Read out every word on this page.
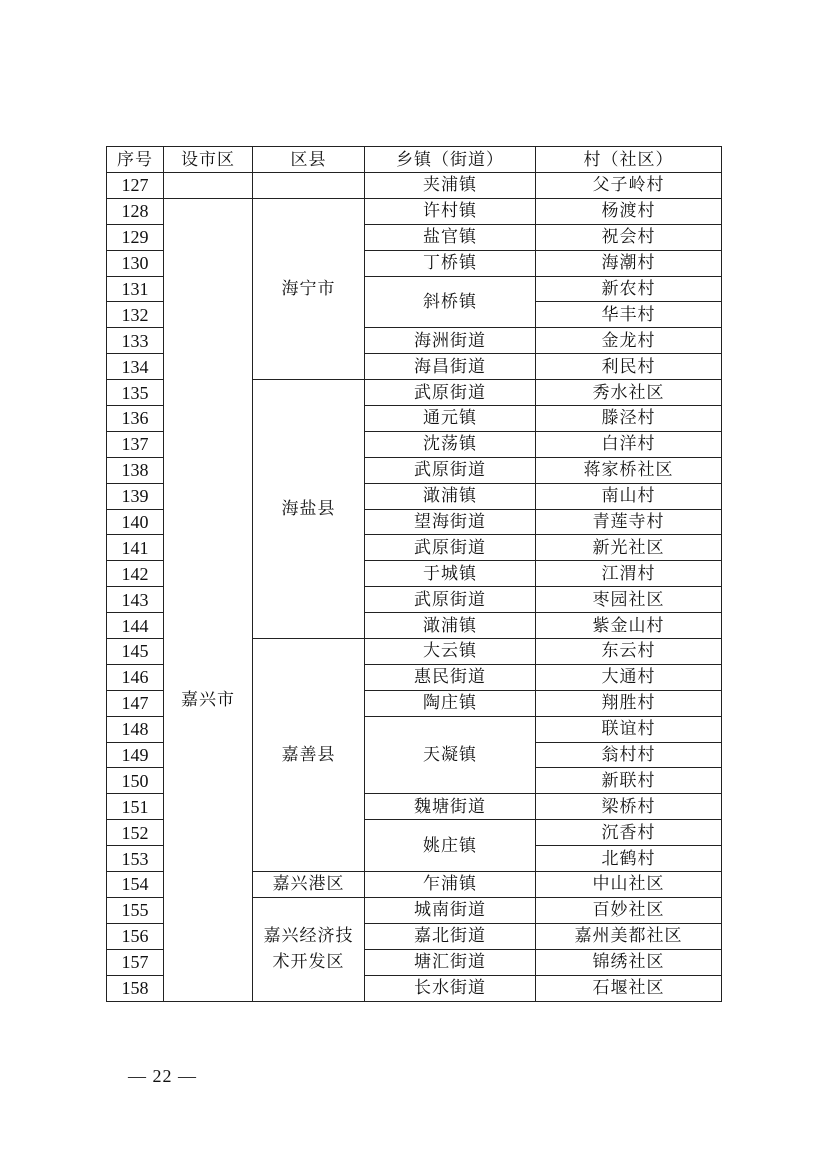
序号	设市区	区县	乡镇（街道）	村（社区）
127			夹浦镇	父子岭村
128	嘉兴市	海宁市	许村镇	杨渡村
129			盐官镇	祝会村
130			丁桥镇	海潮村
131			斜桥镇	新农村
132				华丰村
133			海洲街道	金龙村
134			海昌街道	利民村
135		海盐县	武原街道	秀水社区
136			通元镇	滕泾村
137			沈荡镇	白洋村
138			武原街道	蒋家桥社区
139			澉浦镇	南山村
140			望海街道	青莲寺村
141			武原街道	新光社区
142			于城镇	江渭村
143			武原街道	枣园社区
144			澉浦镇	紫金山村
145		嘉善县	大云镇	东云村
146			惠民街道	大通村
147			陶庄镇	翔胜村
148			天凝镇	联谊村
149				翁村村
150				新联村
151			魏塘街道	梁桥村
152			姚庄镇	沉香村
153				北鹤村
154		嘉兴港区	乍浦镇	中山社区
155		嘉兴经济技术开发区	城南街道	百妙社区
156			嘉北街道	嘉州美都社区
157			塘汇街道	锦绣社区
158			长水街道	石堰社区
— 22 —
